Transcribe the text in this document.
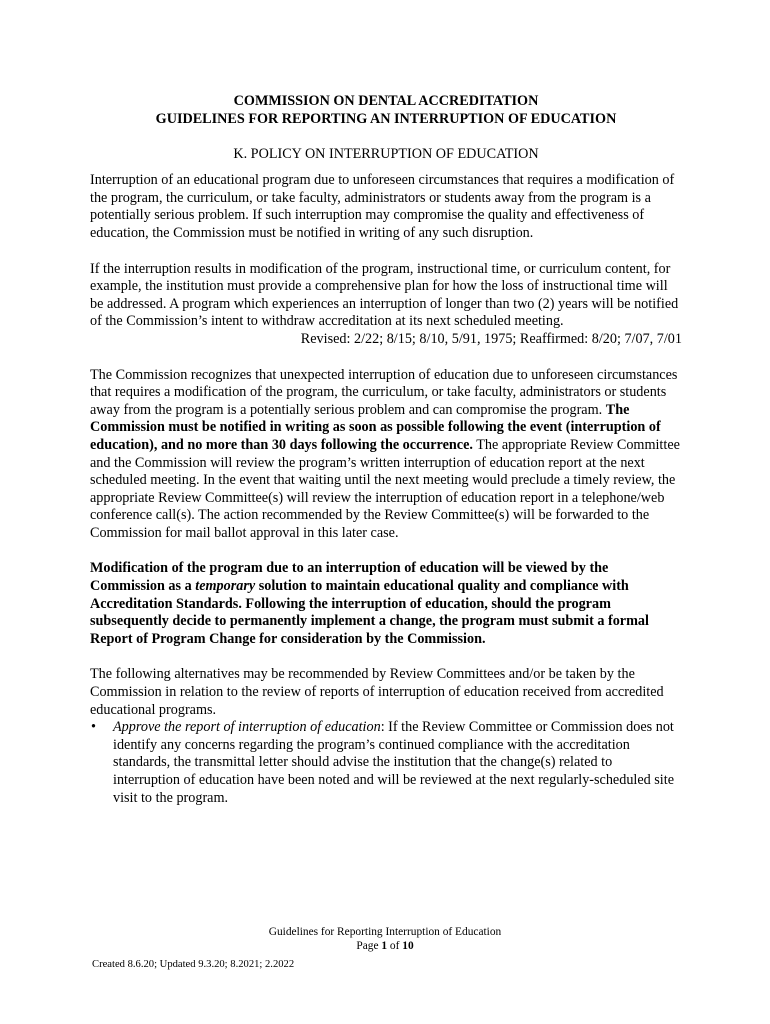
COMMISSION ON DENTAL ACCREDITATION

GUIDELINES FOR REPORTING AN INTERRUPTION OF EDUCATION

K. POLICY ON INTERRUPTION OF EDUCATION

Interruption of an educational program due to unforeseen circumstances that requires a modification of the program, the curriculum, or take faculty, administrators or students away from the program is a potentially serious problem. If such interruption may compromise the quality and effectiveness of education, the Commission must be notified in writing of any such disruption.

If the interruption results in modification of the program, instructional time, or curriculum content, for example, the institution must provide a comprehensive plan for how the loss of instructional time will be addressed. A program which experiences an interruption of longer than two (2) years will be notified of the Commission’s intent to withdraw accreditation at its next scheduled meeting.

Revised: 2/22; 8/15; 8/10, 5/91, 1975; Reaffirmed: 8/20; 7/07, 7/01

The Commission recognizes that unexpected interruption of education due to unforeseen circumstances that requires a modification of the program, the curriculum, or take faculty, administrators or students away from the program is a potentially serious problem and can compromise the program. The Commission must be notified in writing as soon as possible following the event (interruption of education), and no more than 30 days following the occurrence. The appropriate Review Committee and the Commission will review the program’s written interruption of education report at the next scheduled meeting. In the event that waiting until the next meeting would preclude a timely review, the appropriate Review Committee(s) will review the interruption of education report in a telephone/web conference call(s). The action recommended by the Review Committee(s) will be forwarded to the Commission for mail ballot approval in this later case.

Modification of the program due to an interruption of education will be viewed by the Commission as a temporary solution to maintain educational quality and compliance with Accreditation Standards. Following the interruption of education, should the program subsequently decide to permanently implement a change, the program must submit a formal Report of Program Change for consideration by the Commission.

The following alternatives may be recommended by Review Committees and/or be taken by the Commission in relation to the review of reports of interruption of education received from accredited educational programs.

• Approve the report of interruption of education: If the Review Committee or Commission does not identify any concerns regarding the program’s continued compliance with the accreditation standards, the transmittal letter should advise the institution that the change(s) related to interruption of education have been noted and will be reviewed at the next regularly-scheduled site visit to the program.
Guidelines for Reporting Interruption of Education
Page 1 of 10
Created 8.6.20; Updated 9.3.20; 8.2021; 2.2022
